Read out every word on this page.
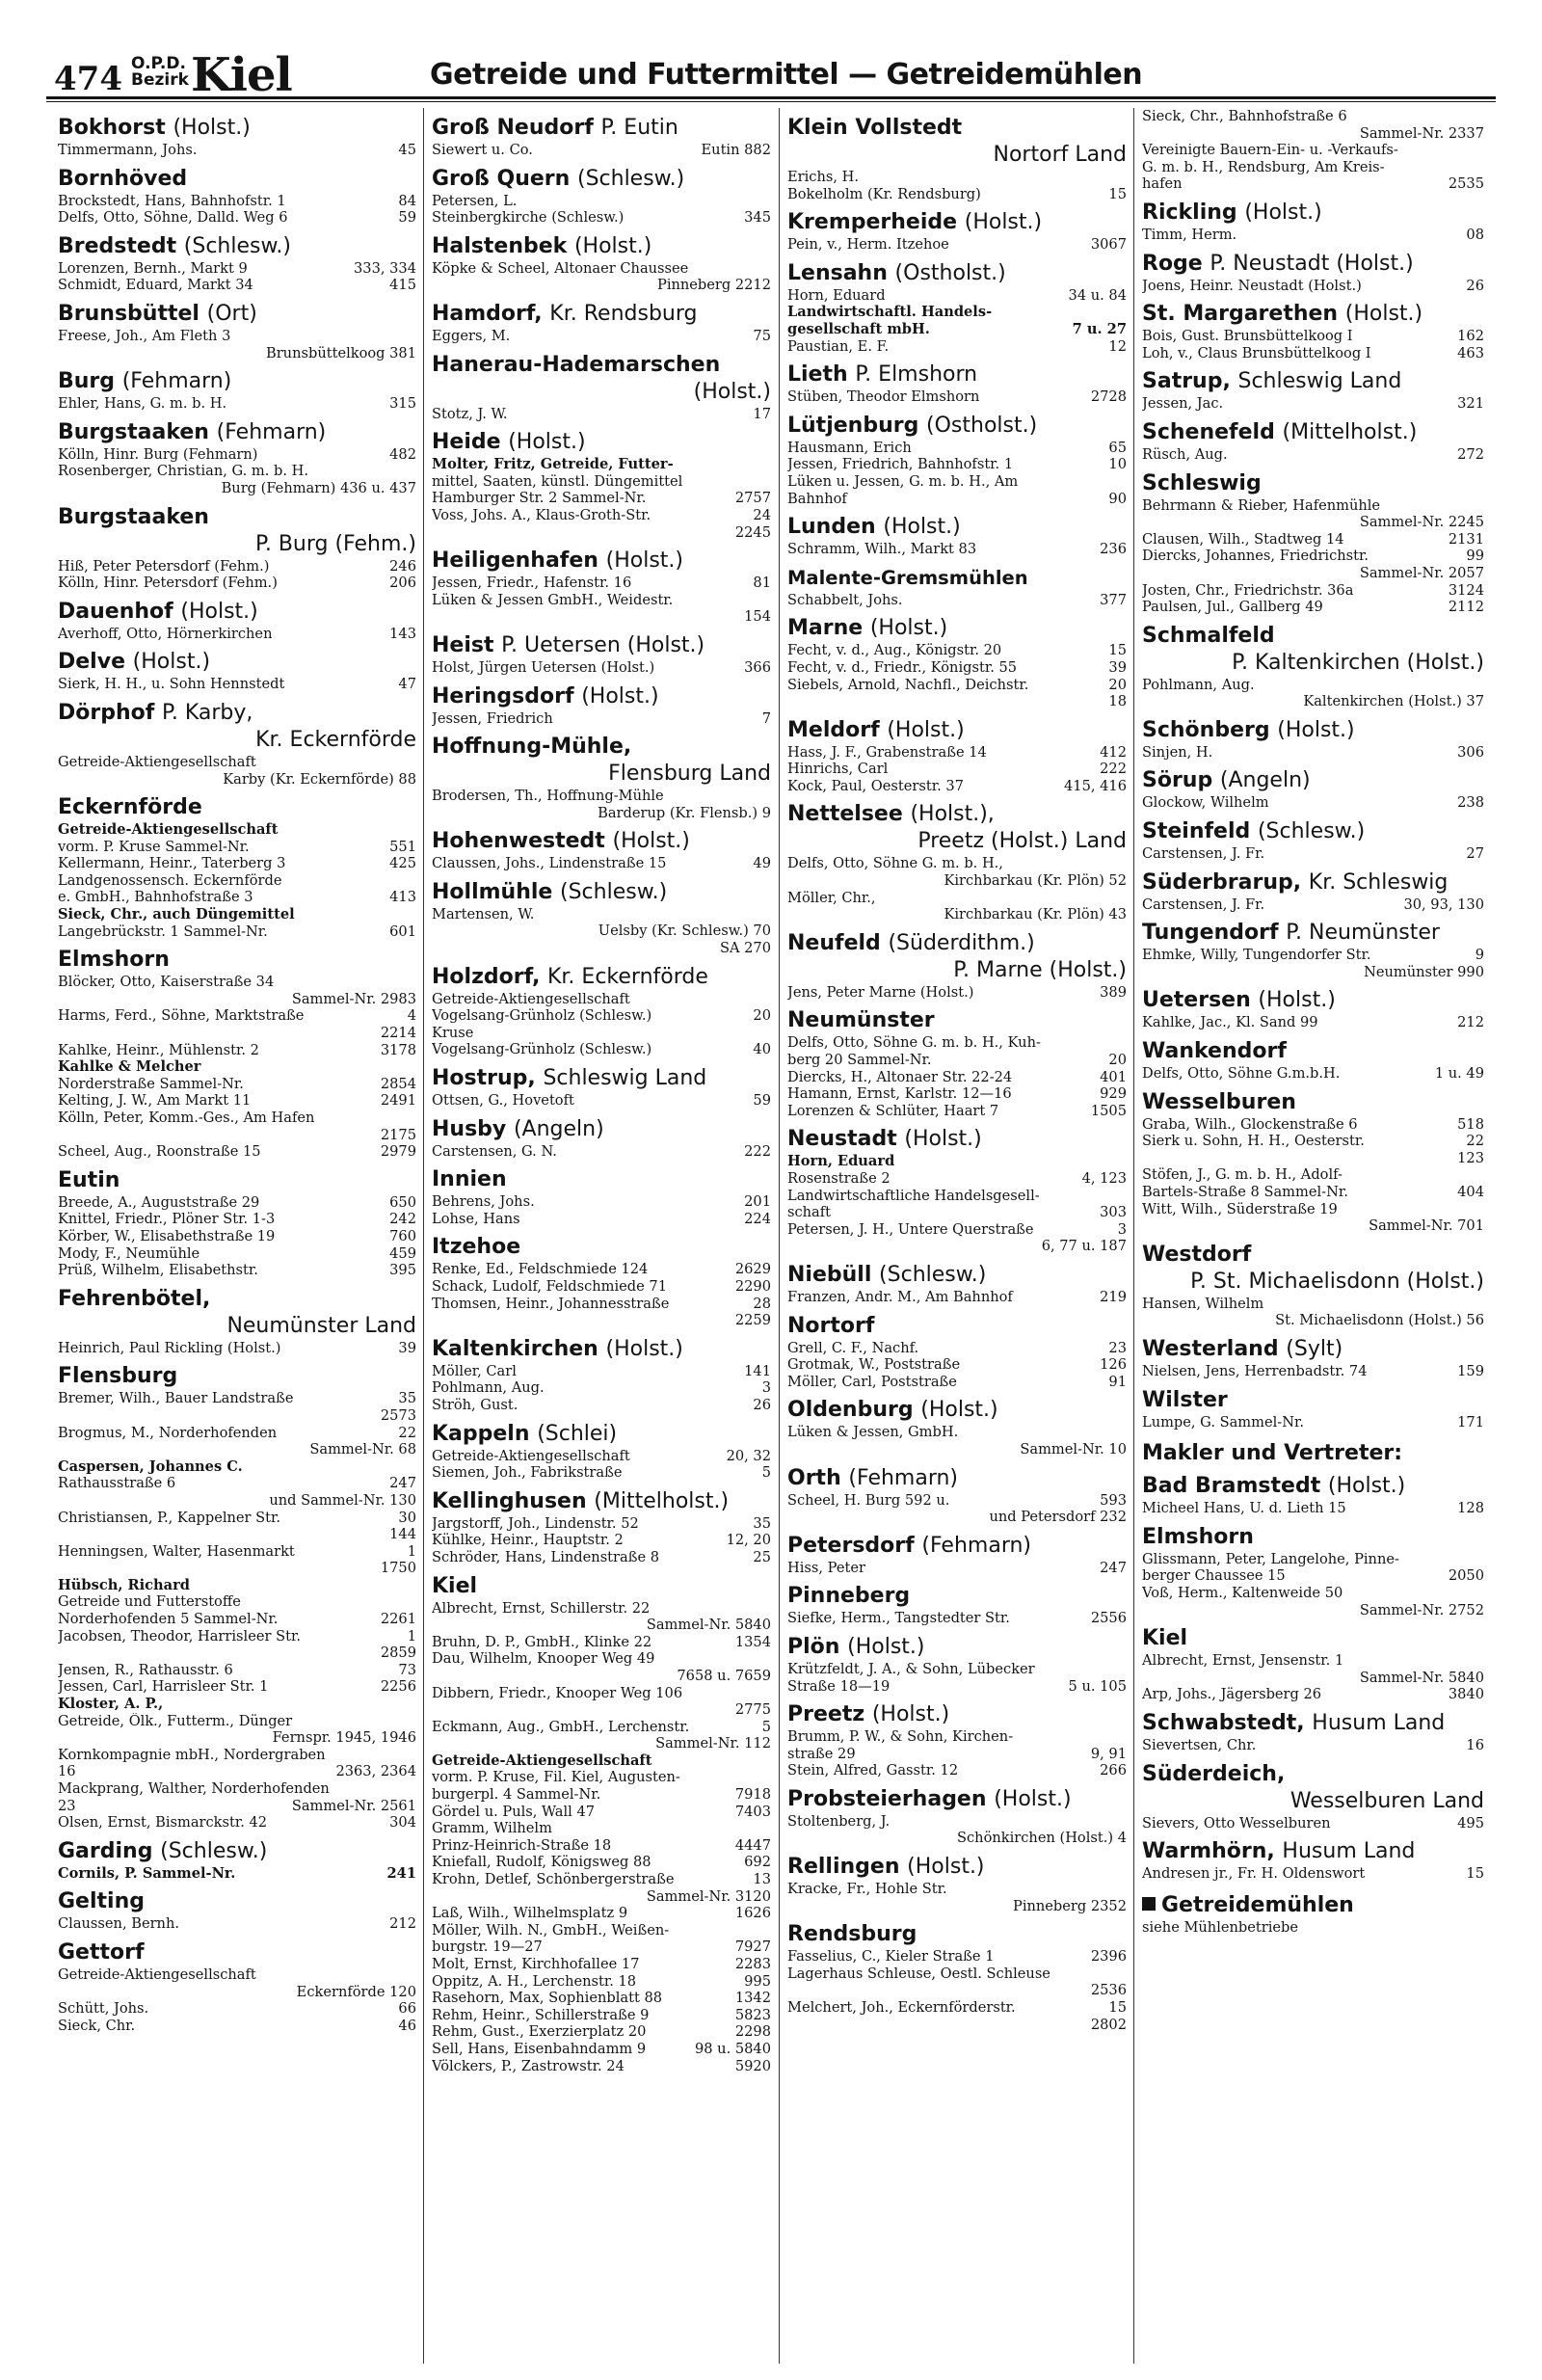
474 O.P.D.
Bezirk Kiel	Getreide und Futtermittel — Getreidemühlen
Bokhorst (Holst.)
Timmermann, Johs.	45
Bornhöved
Brockstedt, Hans, Bahnhofstr. 1	84
Delfs, Otto, Söhne, Dalld. Weg 6	59
Bredstedt (Schlesw.)
Lorenzen, Bernh., Markt 9	333, 334
Schmidt, Eduard, Markt 34	415
Brunsbüttel (Ort)
Freese, Joh., Am Fleth 3
Brunsbüttelkoog 381
Burg (Fehmarn)
Ehler, Hans, G. m. b. H.	315
Burgstaaken (Fehmarn)
Kölln, Hinr. Burg (Fehmarn)	482
Rosenberger, Christian, G. m. b. H.
Burg (Fehmarn) 436 u. 437
Burgstaaken
P. Burg (Fehm.)
Hiß, Peter Petersdorf (Fehm.)	246
Kölln, Hinr. Petersdorf (Fehm.)	206
Dauenhof (Holst.)
Averhoff, Otto, Hörnerkirchen	143
Delve (Holst.)
Sierk, H. H., u. Sohn Hennstedt	47
Dörphof P. Karby,
Kr. Eckernförde
Getreide-Aktiengesellschaft
Karby (Kr. Eckernförde) 88
Eckernförde
Getreide-Aktiengesellschaft
vorm. P. Kruse Sammel-Nr.	551
Kellermann, Heinr., Taterberg 3	425
Landgenossensch. Eckernförde
e. GmbH., Bahnhofstraße 3	413
Sieck, Chr., auch Düngemittel
Langebrückstr. 1 Sammel-Nr.	601
Elmshorn
Blöcker, Otto, Kaiserstraße 34
Sammel-Nr. 2983
Harms, Ferd., Söhne, Marktstraße	4
2214
Kahlke, Heinr., Mühlenstr. 2	3178
Kahlke & Melcher
Norderstraße Sammel-Nr.	2854
Kelting, J. W., Am Markt 11	2491
Kölln, Peter, Komm.-Ges., Am Hafen
2175
Scheel, Aug., Roonstraße 15	2979
Eutin
Breede, A., Auguststraße 29	650
Knittel, Friedr., Plöner Str. 1-3	242
Körber, W., Elisabethstraße 19	760
Mody, F., Neumühle	459
Prüß, Wilhelm, Elisabethstr.	395
Fehrenbötel,
Neumünster Land
Heinrich, Paul Rickling (Holst.)	39
Flensburg
Bremer, Wilh., Bauer Landstraße	35
2573
Brogmus, M., Norderhofenden	22
Sammel-Nr. 68
Caspersen, Johannes C.
Rathausstraße 6	247
und Sammel-Nr. 130
Christiansen, P., Kappelner Str.	30
144
Henningsen, Walter, Hasenmarkt	1
1750
Hübsch, Richard
Getreide und Futterstoffe
Norderhofenden 5 Sammel-Nr.	2261
Jacobsen, Theodor, Harrisleer Str.	1
2859
Jensen, R., Rathausstr. 6	73
Jessen, Carl, Harrisleer Str. 1	2256
Kloster, A. P.,
Getreide, Ölk., Futterm., Dünger
Fernspr. 1945, 1946
Kornkompagnie mbH., Nordergraben
16	2363, 2364
Mackprang, Walther, Norderhofenden
23	Sammel-Nr. 2561
Olsen, Ernst, Bismarckstr. 42	304
Garding (Schlesw.)
Cornils, P. Sammel-Nr.	241
Gelting
Claussen, Bernh.	212
Gettorf
Getreide-Aktiengesellschaft
Eckernförde 120
Schütt, Johs.	66
Sieck, Chr.	46
Groß Neudorf P. Eutin
Siewert u. Co.	Eutin 882
Groß Quern (Schlesw.)
Petersen, L.
Steinbergkirche (Schlesw.)	345
Halstenbek (Holst.)
Köpke & Scheel, Altonaer Chaussee
Pinneberg 2212
Hamdorf, Kr. Rendsburg
Eggers, M.	75
Hanerau-Hademarschen
(Holst.)
Stotz, J. W.	17
Heide (Holst.)
Molter, Fritz, Getreide, Futter-
mittel, Saaten, künstl. Düngemittel
Hamburger Str. 2 Sammel-Nr.	2757
Voss, Johs. A., Klaus-Groth-Str.	24
2245
Heiligenhafen (Holst.)
Jessen, Friedr., Hafenstr. 16	81
Lüken & Jessen GmbH., Weidestr.
154
Heist P. Uetersen (Holst.)
Holst, Jürgen Uetersen (Holst.)	366
Heringsdorf (Holst.)
Jessen, Friedrich	7
Hoffnung-Mühle,
Flensburg Land
Brodersen, Th., Hoffnung-Mühle
Barderup (Kr. Flensb.) 9
Hohenwestedt (Holst.)
Claussen, Johs., Lindenstraße 15	49
Hollmühle (Schlesw.)
Martensen, W.
Uelsby (Kr. Schlesw.) 70
SA 270
Holzdorf, Kr. Eckernförde
Getreide-Aktiengesellschaft
Vogelsang-Grünholz (Schlesw.)	20
Kruse
Vogelsang-Grünholz (Schlesw.)	40
Hostrup, Schleswig Land
Ottsen, G., Hovetoft	59
Husby (Angeln)
Carstensen, G. N.	222
Innien
Behrens, Johs.	201
Lohse, Hans	224
Itzehoe
Renke, Ed., Feldschmiede 124	2629
Schack, Ludolf, Feldschmiede 71	2290
Thomsen, Heinr., Johannesstraße	28
2259
Kaltenkirchen (Holst.)
Möller, Carl	141
Pohlmann, Aug.	3
Ströh, Gust.	26
Kappeln (Schlei)
Getreide-Aktiengesellschaft	20, 32
Siemen, Joh., Fabrikstraße	5
Kellinghusen (Mittelholst.)
Jargstorff, Joh., Lindenstr. 52	35
Kühlke, Heinr., Hauptstr. 2	12, 20
Schröder, Hans, Lindenstraße 8	25
Kiel
Albrecht, Ernst, Schillerstr. 22
Sammel-Nr. 5840
Bruhn, D. P., GmbH., Klinke 22	1354
Dau, Wilhelm, Knooper Weg 49
7658 u. 7659
Dibbern, Friedr., Knooper Weg 106
2775
Eckmann, Aug., GmbH., Lerchenstr.	5
Sammel-Nr. 112
Getreide-Aktiengesellschaft
vorm. P. Kruse, Fil. Kiel, Augusten-
burgerpl. 4 Sammel-Nr.	7918
Gördel u. Puls, Wall 47	7403
Gramm, Wilhelm
Prinz-Heinrich-Straße 18	4447
Kniefall, Rudolf, Königsweg 88	692
Krohn, Detlef, Schönbergerstraße	13
Sammel-Nr. 3120
Laß, Wilh., Wilhelmsplatz 9	1626
Möller, Wilh. N., GmbH., Weißen-
burgstr. 19—27	7927
Molt, Ernst, Kirchhofallee 17	2283
Oppitz, A. H., Lerchenstr. 18	995
Rasehorn, Max, Sophienblatt 88	1342
Rehm, Heinr., Schillerstraße 9	5823
Rehm, Gust., Exerzierplatz 20	2298
Sell, Hans, Eisenbahndamm 9	98 u. 5840
Völckers, P., Zastrowstr. 24	5920
Klein Vollstedt
Nortorf Land
Erichs, H.
Bokelholm (Kr. Rendsburg)	15
Kremperheide (Holst.)
Pein, v., Herm. Itzehoe	3067
Lensahn (Ostholst.)
Horn, Eduard	34 u. 84
Landwirtschaftl. Handels-
gesellschaft mbH.	7 u. 27
Paustian, E. F.	12
Lieth P. Elmshorn
Stüben, Theodor Elmshorn	2728
Lütjenburg (Ostholst.)
Hausmann, Erich	65
Jessen, Friedrich, Bahnhofstr. 1	10
Lüken u. Jessen, G. m. b. H., Am
Bahnhof	90
Lunden (Holst.)
Schramm, Wilh., Markt 83	236
Malente-Gremsmühlen
Schabbelt, Johs.	377
Marne (Holst.)
Fecht, v. d., Aug., Königstr. 20	15
Fecht, v. d., Friedr., Königstr. 55	39
Siebels, Arnold, Nachfl., Deichstr.	20
18
Meldorf (Holst.)
Hass, J. F., Grabenstraße 14	412
Hinrichs, Carl	222
Kock, Paul, Oesterstr. 37	415, 416
Nettelsee (Holst.),
Preetz (Holst.) Land
Delfs, Otto, Söhne G. m. b. H.,
Kirchbarkau (Kr. Plön) 52
Möller, Chr.,
Kirchbarkau (Kr. Plön) 43
Neufeld (Süderdithm.)
P. Marne (Holst.)
Jens, Peter Marne (Holst.)	389
Neumünster
Delfs, Otto, Söhne G. m. b. H., Kuh-
berg 20 Sammel-Nr.	20
Diercks, H., Altonaer Str. 22-24	401
Hamann, Ernst, Karlstr. 12—16	929
Lorenzen & Schlüter, Haart 7	1505
Neustadt (Holst.)
Horn, Eduard
Rosenstraße 2	4, 123
Landwirtschaftliche Handelsgesell-
schaft	303
Petersen, J. H., Untere Querstraße	3
6, 77 u. 187
Niebüll (Schlesw.)
Franzen, Andr. M., Am Bahnhof	219
Nortorf
Grell, C. F., Nachf.	23
Grotmak, W., Poststraße	126
Möller, Carl, Poststraße	91
Oldenburg (Holst.)
Lüken & Jessen, GmbH.
Sammel-Nr. 10
Orth (Fehmarn)
Scheel, H. Burg 592 u.	593
und Petersdorf 232
Petersdorf (Fehmarn)
Hiss, Peter	247
Pinneberg
Siefke, Herm., Tangstedter Str.	2556
Plön (Holst.)
Krützfeldt, J. A., & Sohn, Lübecker
Straße 18—19	5 u. 105
Preetz (Holst.)
Brumm, P. W., & Sohn, Kirchen-
straße 29	9, 91
Stein, Alfred, Gasstr. 12	266
Probsteierhagen (Holst.)
Stoltenberg, J.
Schönkirchen (Holst.) 4
Rellingen (Holst.)
Kracke, Fr., Hohle Str.
Pinneberg 2352
Rendsburg
Fasselius, C., Kieler Straße 1	2396
Lagerhaus Schleuse, Oestl. Schleuse
2536
Melchert, Joh., Eckernförderstr.	15
2802
Sieck, Chr., Bahnhofstraße 6
Sammel-Nr. 2337
Vereinigte Bauern-Ein- u. -Verkaufs-
G. m. b. H., Rendsburg, Am Kreis-
hafen	2535
Rickling (Holst.)
Timm, Herm.	08
Roge P. Neustadt (Holst.)
Joens, Heinr. Neustadt (Holst.)	26
St. Margarethen (Holst.)
Bois, Gust. Brunsbüttelkoog I	162
Loh, v., Claus Brunsbüttelkoog I	463
Satrup, Schleswig Land
Jessen, Jac.	321
Schenefeld (Mittelholst.)
Rüsch, Aug.	272
Schleswig
Behrmann & Rieber, Hafenmühle
Sammel-Nr. 2245
Clausen, Wilh., Stadtweg 14	2131
Diercks, Johannes, Friedrichstr.	99
Sammel-Nr. 2057
Josten, Chr., Friedrichstr. 36a	3124
Paulsen, Jul., Gallberg 49	2112
Schmalfeld
P. Kaltenkirchen (Holst.)
Pohlmann, Aug.
Kaltenkirchen (Holst.) 37
Schönberg (Holst.)
Sinjen, H.	306
Sörup (Angeln)
Glockow, Wilhelm	238
Steinfeld (Schlesw.)
Carstensen, J. Fr.	27
Süderbrarup, Kr. Schleswig
Carstensen, J. Fr.	30, 93, 130
Tungendorf P. Neumünster
Ehmke, Willy, Tungendorfer Str.	9
Neumünster 990
Uetersen (Holst.)
Kahlke, Jac., Kl. Sand 99	212
Wankendorf
Delfs, Otto, Söhne G.m.b.H.	1 u. 49
Wesselburen
Graba, Wilh., Glockenstraße 6	518
Sierk u. Sohn, H. H., Oesterstr.	22
123
Stöfen, J., G. m. b. H., Adolf-
Bartels-Straße 8 Sammel-Nr.	404
Witt, Wilh., Süderstraße 19
Sammel-Nr. 701
Westdorf
P. St. Michaelisdonn (Holst.)
Hansen, Wilhelm
St. Michaelisdonn (Holst.) 56
Westerland (Sylt)
Nielsen, Jens, Herrenbadstr. 74	159
Wilster
Lumpe, G. Sammel-Nr.	171
Makler und Vertreter:
Bad Bramstedt (Holst.)
Micheel Hans, U. d. Lieth 15	128
Elmshorn
Glissmann, Peter, Langelohe, Pinne-
berger Chaussee 15	2050
Voß, Herm., Kaltenweide 50
Sammel-Nr. 2752
Kiel
Albrecht, Ernst, Jensenstr. 1
Sammel-Nr. 5840
Arp, Johs., Jägersberg 26	3840
Schwabstedt, Husum Land
Sievertsen, Chr.	16
Süderdeich,
Wesselburen Land
Sievers, Otto Wesselburen	495
Warmhörn, Husum Land
Andresen jr., Fr. H. Oldenswort	15
Getreidemühlen
siehe Mühlenbetriebe
